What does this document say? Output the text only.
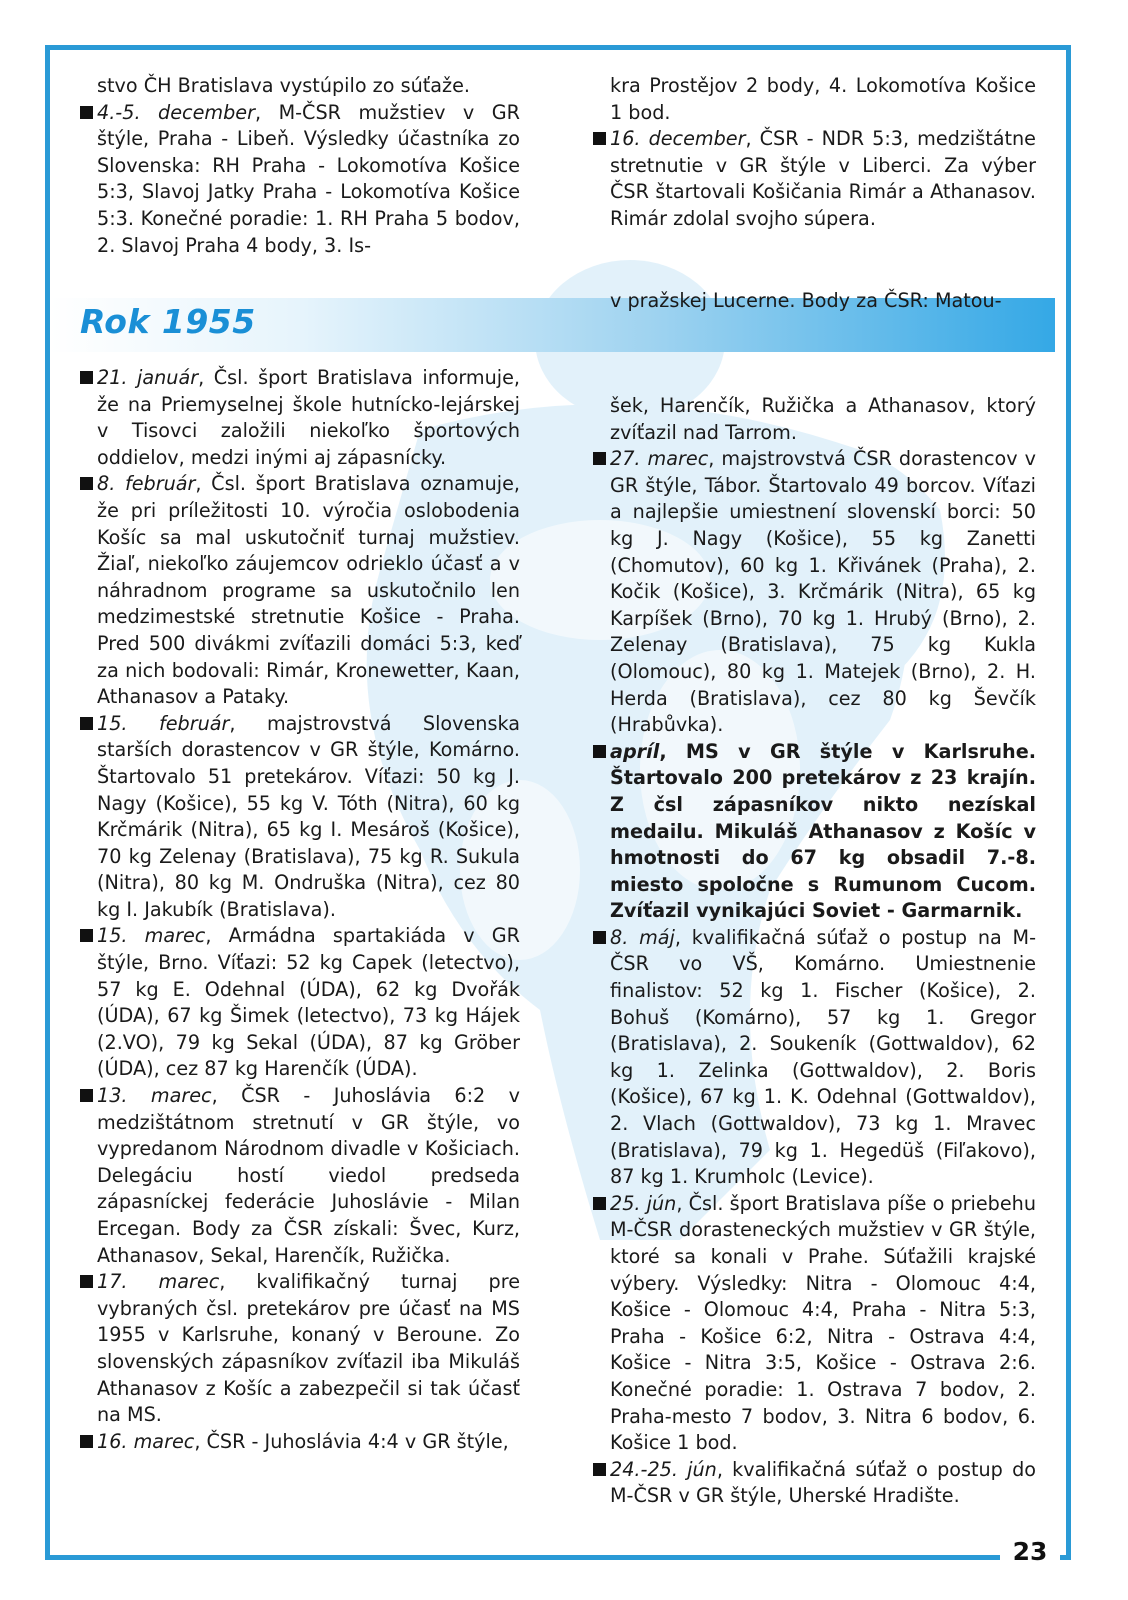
23
Rok 1955

stvo ČH Bratislava vystúpilo zo súťaže.

4.-5. december, M-ČSR mužstiev v GR štýle, Praha - Libeň. Výsledky účastníka zo Slovenska: RH Praha - Lokomotíva Košice 5:3, Slavoj Jatky Praha - Lokomotíva Košice 5:3. Konečné poradie: 1. RH Praha 5 bodov, 2. Slavoj Praha 4 body, 3. Is-

kra Prostějov 2 body, 4. Lokomotíva Košice 1 bod.

16. december, ČSR - NDR 5:3, medzištátne stretnutie v GR štýle v Liberci. Za výber ČSR štartovali Košičania Rimár a Athanasov. Rimár zdolal svojho súpera.

v pražskej Lucerne. Body za ČSR: Matou-

21. január, Čsl. šport Bratislava informuje, že na Priemyselnej škole hutnícko-lejárskej v Tisovci založili niekoľko športových oddielov, medzi inými aj zápasnícky.

8. február, Čsl. šport Bratislava oznamuje, že pri príležitosti 10. výročia oslobodenia Košíc sa mal uskutočniť turnaj mužstiev. Žiaľ, niekoľko záujemcov odrieklo účasť a v náhradnom programe sa uskutočnilo len medzimestské stretnutie Košice - Praha. Pred 500 divákmi zvíťazili domáci 5:3, keď za nich bodovali: Rimár, Kronewetter, Kaan, Athanasov a Pataky.

15. február, majstrovstvá Slovenska starších dorastencov v GR štýle, Komárno. Štartovalo 51 pretekárov. Víťazi: 50 kg J. Nagy (Košice), 55 kg V. Tóth (Nitra), 60 kg Krčmárik (Nitra), 65 kg I. Mesároš (Košice), 70 kg Zelenay (Bratislava), 75 kg R. Sukula (Nitra), 80 kg M. Ondruška (Nitra), cez 80 kg I. Jakubík (Bratislava).

15. marec, Armádna spartakiáda v GR štýle, Brno. Víťazi: 52 kg Capek (letectvo), 57 kg E. Odehnal (ÚDA), 62 kg Dvořák (ÚDA), 67 kg Šimek (letectvo), 73 kg Hájek (2.VO), 79 kg Sekal (ÚDA), 87 kg Gröber (ÚDA), cez 87 kg Harenčík (ÚDA).

13. marec, ČSR - Juhoslávia 6:2 v medzištátnom stretnutí v GR štýle, vo vypredanom Národnom divadle v Košiciach. Delegáciu hostí viedol predseda zápasníckej federácie Juhoslávie - Milan Ercegan. Body za ČSR získali: Švec, Kurz, Athanasov, Sekal, Harenčík, Ružička.

17. marec, kvalifikačný turnaj pre vybraných čsl. pretekárov pre účasť na MS 1955 v Karlsruhe, konaný v Beroune. Zo slovenských zápasníkov zvíťazil iba Mikuláš Athanasov z Košíc a zabezpečil si tak účasť na MS.

16. marec, ČSR - Juhoslávia 4:4 v GR štýle,

šek, Harenčík, Ružička a Athanasov, ktorý zvíťazil nad Tarrom.

27. marec, majstrovstvá ČSR dorastencov v GR štýle, Tábor. Štartovalo 49 borcov. Víťazi a najlepšie umiestnení slovenskí borci: 50 kg J. Nagy (Košice), 55 kg Zanetti (Chomutov), 60 kg 1. Křivánek (Praha), 2. Kočik (Košice), 3. Krčmárik (Nitra), 65 kg Karpíšek (Brno), 70 kg 1. Hrubý (Brno), 2. Zelenay (Bratislava), 75 kg Kukla (Olomouc), 80 kg 1. Matejek (Brno), 2. H. Herda (Bratislava), cez 80 kg Ševčík (Hrabůvka).

apríl, MS v GR štýle v Karlsruhe. Štartovalo 200 pretekárov z 23 krajín. Z čsl zápasníkov nikto nezískal medailu. Mikuláš Athanasov z Košíc v hmotnosti do 67 kg obsadil 7.-8. miesto spoločne s Rumunom Cucom. Zvíťazil vynikajúci Soviet - Garmarnik.

8. máj, kvalifikačná súťaž o postup na M-ČSR vo VŠ, Komárno. Umiestnenie finalistov: 52 kg 1. Fischer (Košice), 2. Bohuš (Komárno), 57 kg 1. Gregor (Bratislava), 2. Soukeník (Gottwaldov), 62 kg 1. Zelinka (Gottwaldov), 2. Boris (Košice), 67 kg 1. K. Odehnal (Gottwaldov), 2. Vlach (Gottwaldov), 73 kg 1. Mravec (Bratislava), 79 kg 1. Hegedüš (Fiľakovo), 87 kg 1. Krumholc (Levice).

25. jún, Čsl. šport Bratislava píše o priebehu M-ČSR dorasteneckých mužstiev v GR štýle, ktoré sa konali v Prahe. Súťažili krajské výbery. Výsledky: Nitra - Olomouc 4:4, Košice - Olomouc 4:4, Praha - Nitra 5:3, Praha - Košice 6:2, Nitra - Ostrava 4:4, Košice - Nitra 3:5, Košice - Ostrava 2:6. Konečné poradie: 1. Ostrava 7 bodov, 2. Praha-mesto 7 bodov, 3. Nitra 6 bodov, 6. Košice 1 bod.

24.-25. jún, kvalifikačná súťaž o postup do M-ČSR v GR štýle, Uherské Hradište.
